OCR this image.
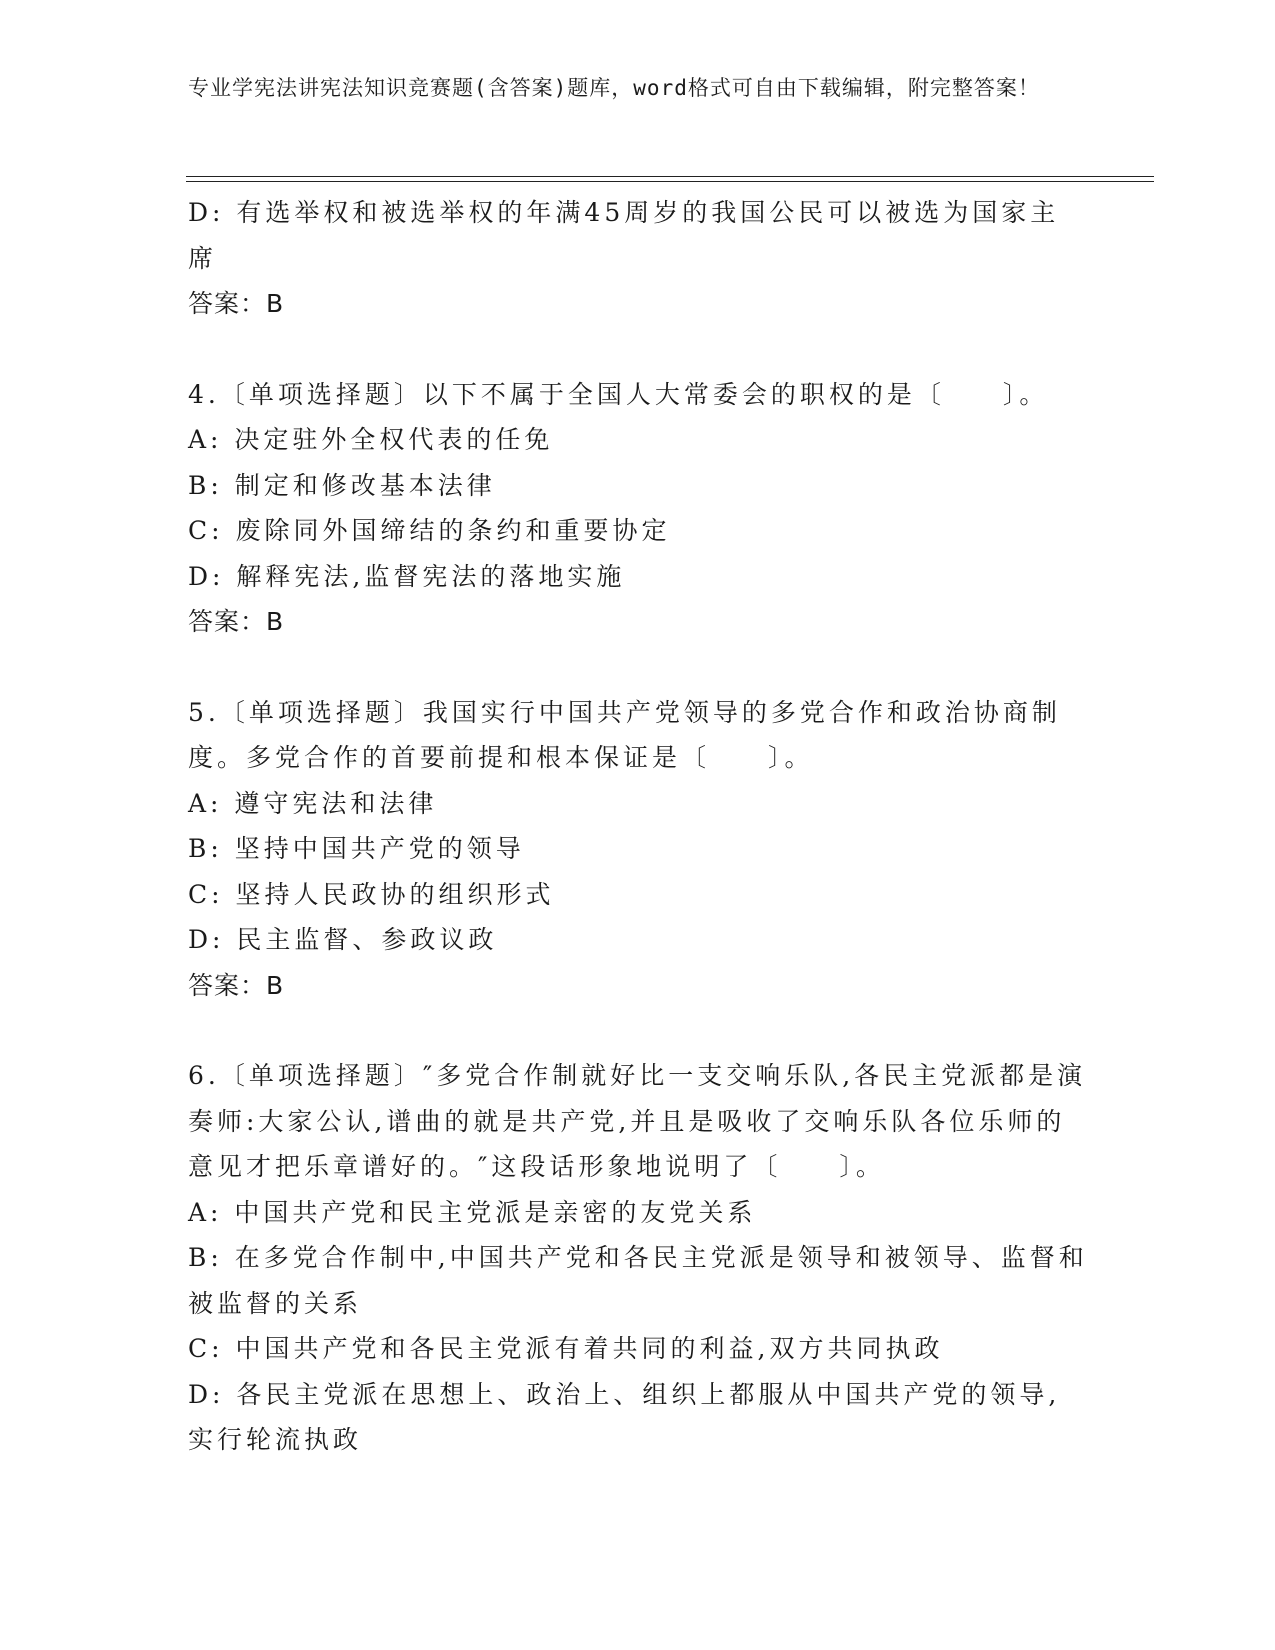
专业学宪法讲宪法知识竞赛题(含答案)题库，word格式可自由下载编辑，附完整答案！
D: 有选举权和被选举权的年满45周岁的我国公民可以被选为国家主席
答案：B
4.〔单项选择题〕以下不属于全国人大常委会的职权的是〔　　〕。
A: 决定驻外全权代表的任免
B: 制定和修改基本法律
C: 废除同外国缔结的条约和重要协定
D: 解释宪法,监督宪法的落地实施
答案：B
5.〔单项选择题〕我国实行中国共产党领导的多党合作和政治协商制度。多党合作的首要前提和根本保证是〔　　〕。
A: 遵守宪法和法律
B: 坚持中国共产党的领导
C: 坚持人民政协的组织形式
D: 民主监督、参政议政
答案：B
6.〔单项选择题〕″多党合作制就好比一支交响乐队,各民主党派都是演奏师:大家公认,谱曲的就是共产党,并且是吸收了交响乐队各位乐师的意见才把乐章谱好的。″这段话形象地说明了〔　　〕。
A: 中国共产党和民主党派是亲密的友党关系
B: 在多党合作制中,中国共产党和各民主党派是领导和被领导、监督和被监督的关系
C: 中国共产党和各民主党派有着共同的利益,双方共同执政
D: 各民主党派在思想上、政治上、组织上都服从中国共产党的领导,实行轮流执政
